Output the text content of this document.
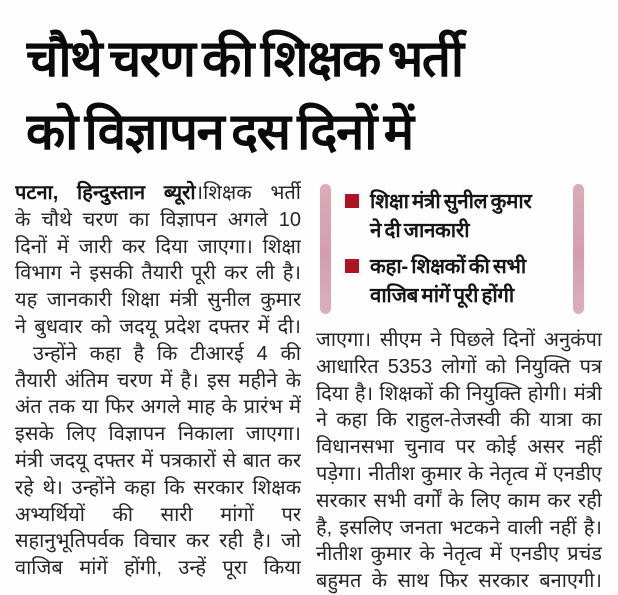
चौथे चरण की शिक्षक भर्ती
को विज्ञापन दस दिनों में
पटना, हिन्दुस्तान ब्यूरो।शिक्षक भर्ती
के चौथे चरण का विज्ञापन अगले 10
दिनों में जारी कर दिया जाएगा। शिक्षा
विभाग ने इसकी तैयारी पूरी कर ली है।
यह जानकारी शिक्षा मंत्री सुनील कुमार
ने बुधवार को जदयू प्रदेश दफ्तर में दी।
उन्होंने कहा है कि टीआरई 4 की
तैयारी अंतिम चरण में है। इस महीने के
अंत तक या फिर अगले माह के प्रारंभ में
इसके लिए विज्ञापन निकाला जाएगा।
मंत्री जदयू दफ्तर में पत्रकारों से बात कर
रहे थे। उन्होंने कहा कि सरकार शिक्षक
अभ्यर्थियों की सारी मांगों पर
सहानुभूतिपर्वक विचार कर रही है। जो
वाजिब मांगें होंगी, उन्हें पूरा किया
शिक्षा मंत्री सुनील कुमार
ने दी जानकारी
कहा- शिक्षकों की सभी
वाजिब मांगें पूरी होंगी
जाएगा। सीएम ने पिछले दिनों अनुकंपा
आधारित 5353 लोगों को नियुक्ति पत्र
दिया है। शिक्षकों की नियुक्ति होगी। मंत्री
ने कहा कि राहुल-तेजस्वी की यात्रा का
विधानसभा चुनाव पर कोई असर नहीं
पड़ेगा। नीतीश कुमार के नेतृत्व में एनडीए
सरकार सभी वर्गों के लिए काम कर रही
है, इसलिए जनता भटकने वाली नहीं है।
नीतीश कुमार के नेतृत्व में एनडीए प्रचंड
बहुमत के साथ फिर सरकार बनाएगी।
